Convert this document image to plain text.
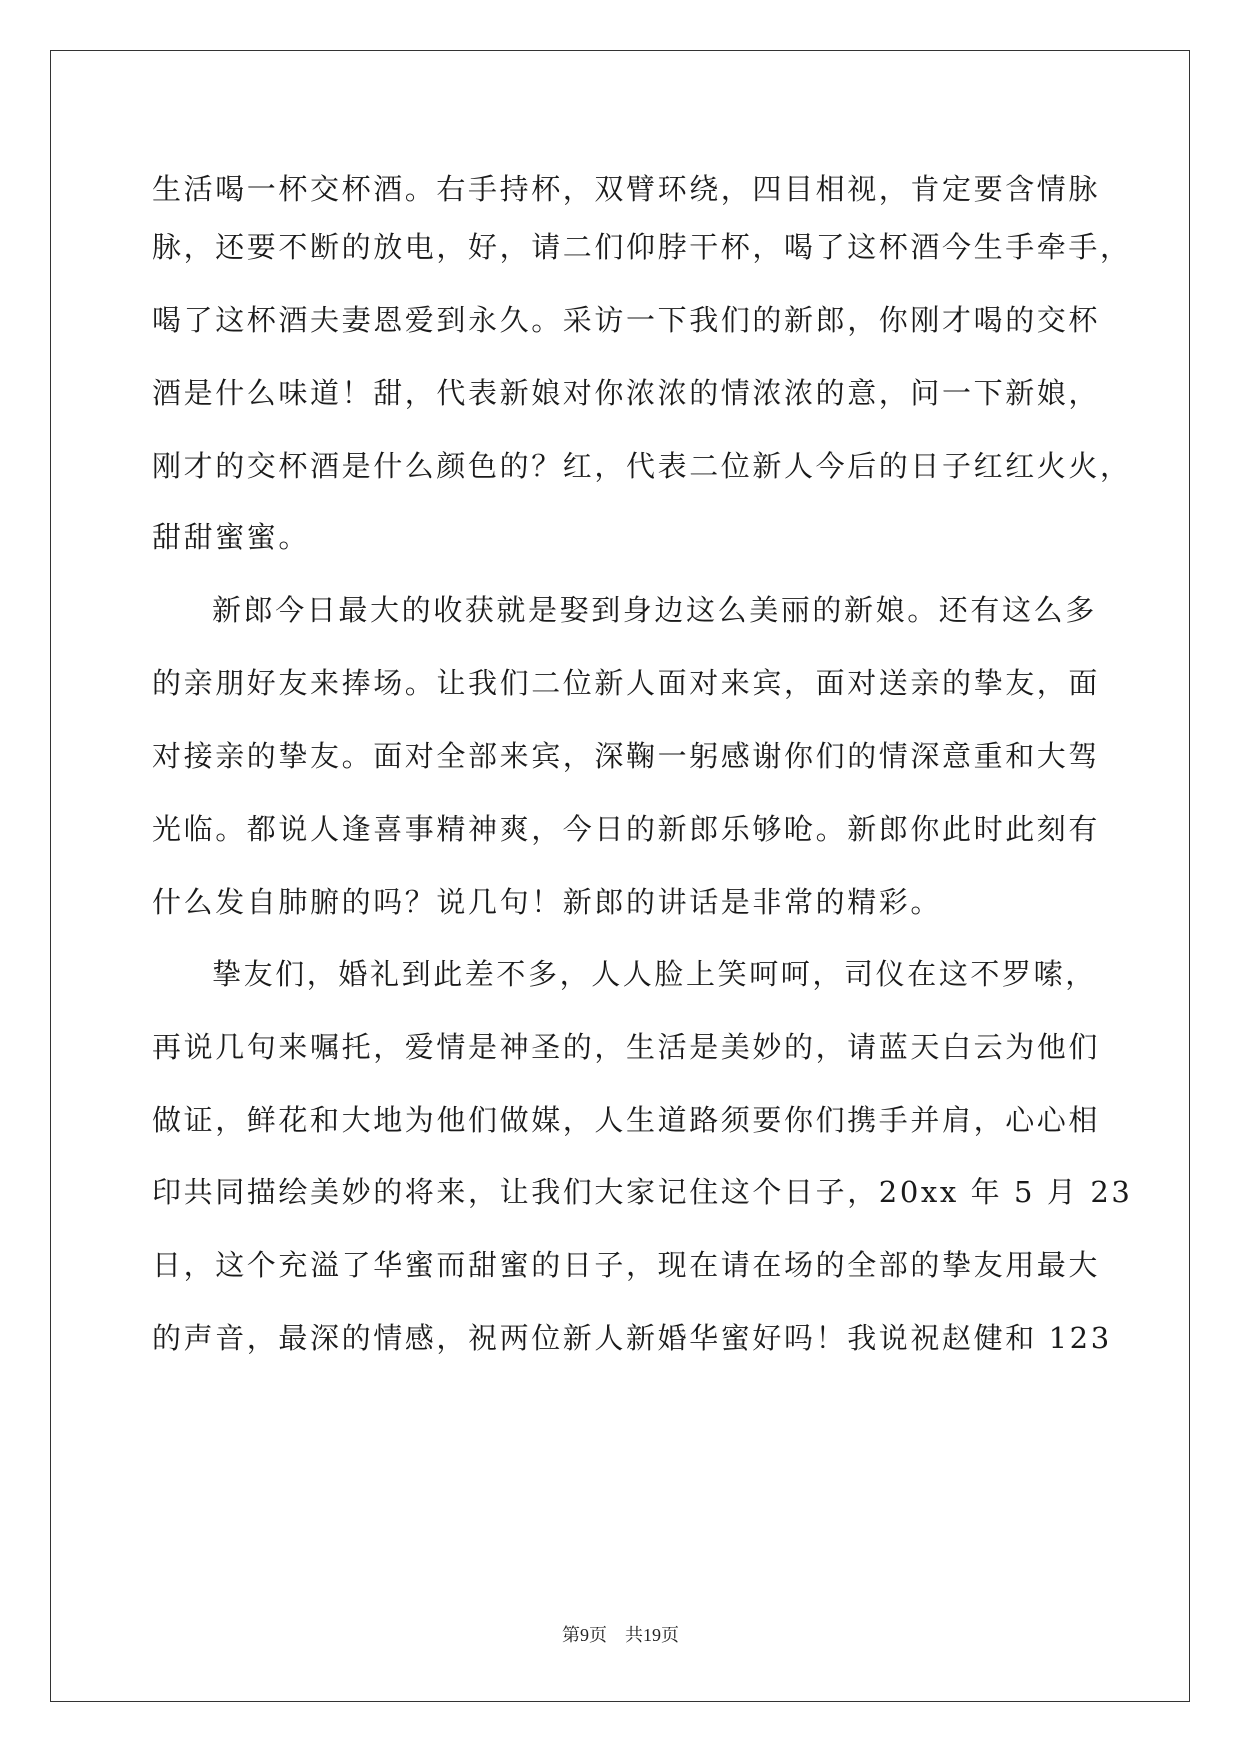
生活喝一杯交杯酒。右手持杯，双臂环绕，四目相视，肯定要含情脉
脉，还要不断的放电，好，请二们仰脖干杯，喝了这杯酒今生手牵手，
喝了这杯酒夫妻恩爱到永久。采访一下我们的新郎，你刚才喝的交杯
酒是什么味道！甜，代表新娘对你浓浓的情浓浓的意，问一下新娘，
刚才的交杯酒是什么颜色的？红，代表二位新人今后的日子红红火火，
甜甜蜜蜜。
新郎今日最大的收获就是娶到身边这么美丽的新娘。还有这么多
的亲朋好友来捧场。让我们二位新人面对来宾，面对送亲的挚友，面
对接亲的挚友。面对全部来宾，深鞠一躬感谢你们的情深意重和大驾
光临。都说人逢喜事精神爽，今日的新郎乐够呛。新郎你此时此刻有
什么发自肺腑的吗？说几句！新郎的讲话是非常的精彩。
挚友们，婚礼到此差不多，人人脸上笑呵呵，司仪在这不罗嗦，
再说几句来嘱托，爱情是神圣的，生活是美妙的，请蓝天白云为他们
做证，鲜花和大地为他们做媒，人生道路须要你们携手并肩，心心相
印共同描绘美妙的将来，让我们大家记住这个日子，20xx 年 5 月 23
日，这个充溢了华蜜而甜蜜的日子，现在请在场的全部的挚友用最大
的声音，最深的情感，祝两位新人新婚华蜜好吗！我说祝赵健和 123
第9页 共19页
